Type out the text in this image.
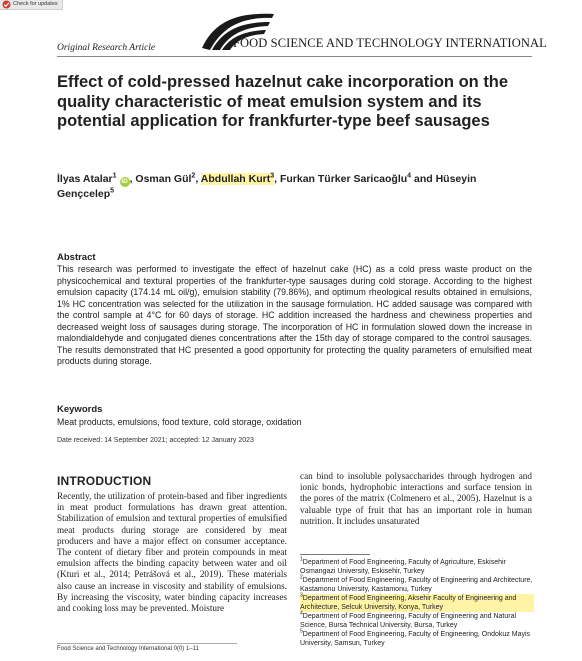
Check for updates
FOOD SCIENCE AND TECHNOLOGY INTERNATIONAL
Original Research Article
Effect of cold-pressed hazelnut cake incorporation on the quality characteristic of meat emulsion system and its potential application for frankfurter-type beef sausages
İlyas Atalar$^1$iD , Osman Gül$^2$, Abdullah Kurt$^3$, Furkan Türker Saricaoğlu$^4$ and Hüseyin Gençcelep$^5$
Abstract

This research was performed to investigate the effect of hazelnut cake (HC) as a cold press waste product on the physicochemical and textural properties of the frankfurter-type sausages during cold storage. According to the highest emulsion capacity (174.14 mL oil/g), emulsion stability (79.86%), and optimum rheological results obtained in emulsions, 1% HC concentration was selected for the utilization in the sausage formulation. HC added sausage was compared with the control sample at 4°C for 60 days of storage. HC addition increased the hardness and chewiness properties and decreased weight loss of sausages during storage. The incorporation of HC in formulation slowed down the increase in malondialdehyde and conjugated dienes concentrations after the 15th day of storage compared to the control sausages. The results demonstrated that HC presented a good opportunity for protecting the quality parameters of emulsified meat products during storage.

Keywords
Meat products, emulsions, food texture, cold storage, oxidation
Date received: 14 September 2021; accepted: 12 January 2023
INTRODUCTION

Recently, the utilization of protein-based and fiber ingredients in meat product formulations has drawn great attention. Stabilization of emulsion and textural properties of emulsified meat products during storage are considered by meat producers and have a major effect on consumer acceptance. The content of dietary fiber and protein compounds in meat emulsion affects the binding capacity between water and oil (Kturi et al., 2014; Petrášová et al., 2019). These materials also cause an increase in viscosity and stability of emulsions. By increasing the viscosity, water binding capacity increases and cooking loss may be prevented. Moisture

can bind to insoluble polysaccharides through hydrogen and ionic bonds, hydrophobic interactions and surface tension in the pores of the matrix (Colmenero et al., 2005). Hazelnut is a valuable type of fruit that has an important role in human nutrition. It includes unsaturated

$^1$Department of Food Engineering, Faculty of Agriculture, Eskisehir Osmangazi University, Eskisehir, Turkey
$^2$Department of Food Engineering, Faculty of Engineering and Architecture, Kastamonu University, Kastamonu, Turkey
$^3$Department of Food Engineering, Aksehir Faculty of Engineering and Architecture, Selcuk University, Konya, Turkey
$^4$Department of Food Engineering, Faculty of Engineering and Natural Science, Bursa Technical University, Bursa, Turkey
$^5$Department of Food Engineering, Faculty of Engineering, Ondokuz Mayis University, Samsun, Turkey
Food Science and Technology International 0(0) 1–11
